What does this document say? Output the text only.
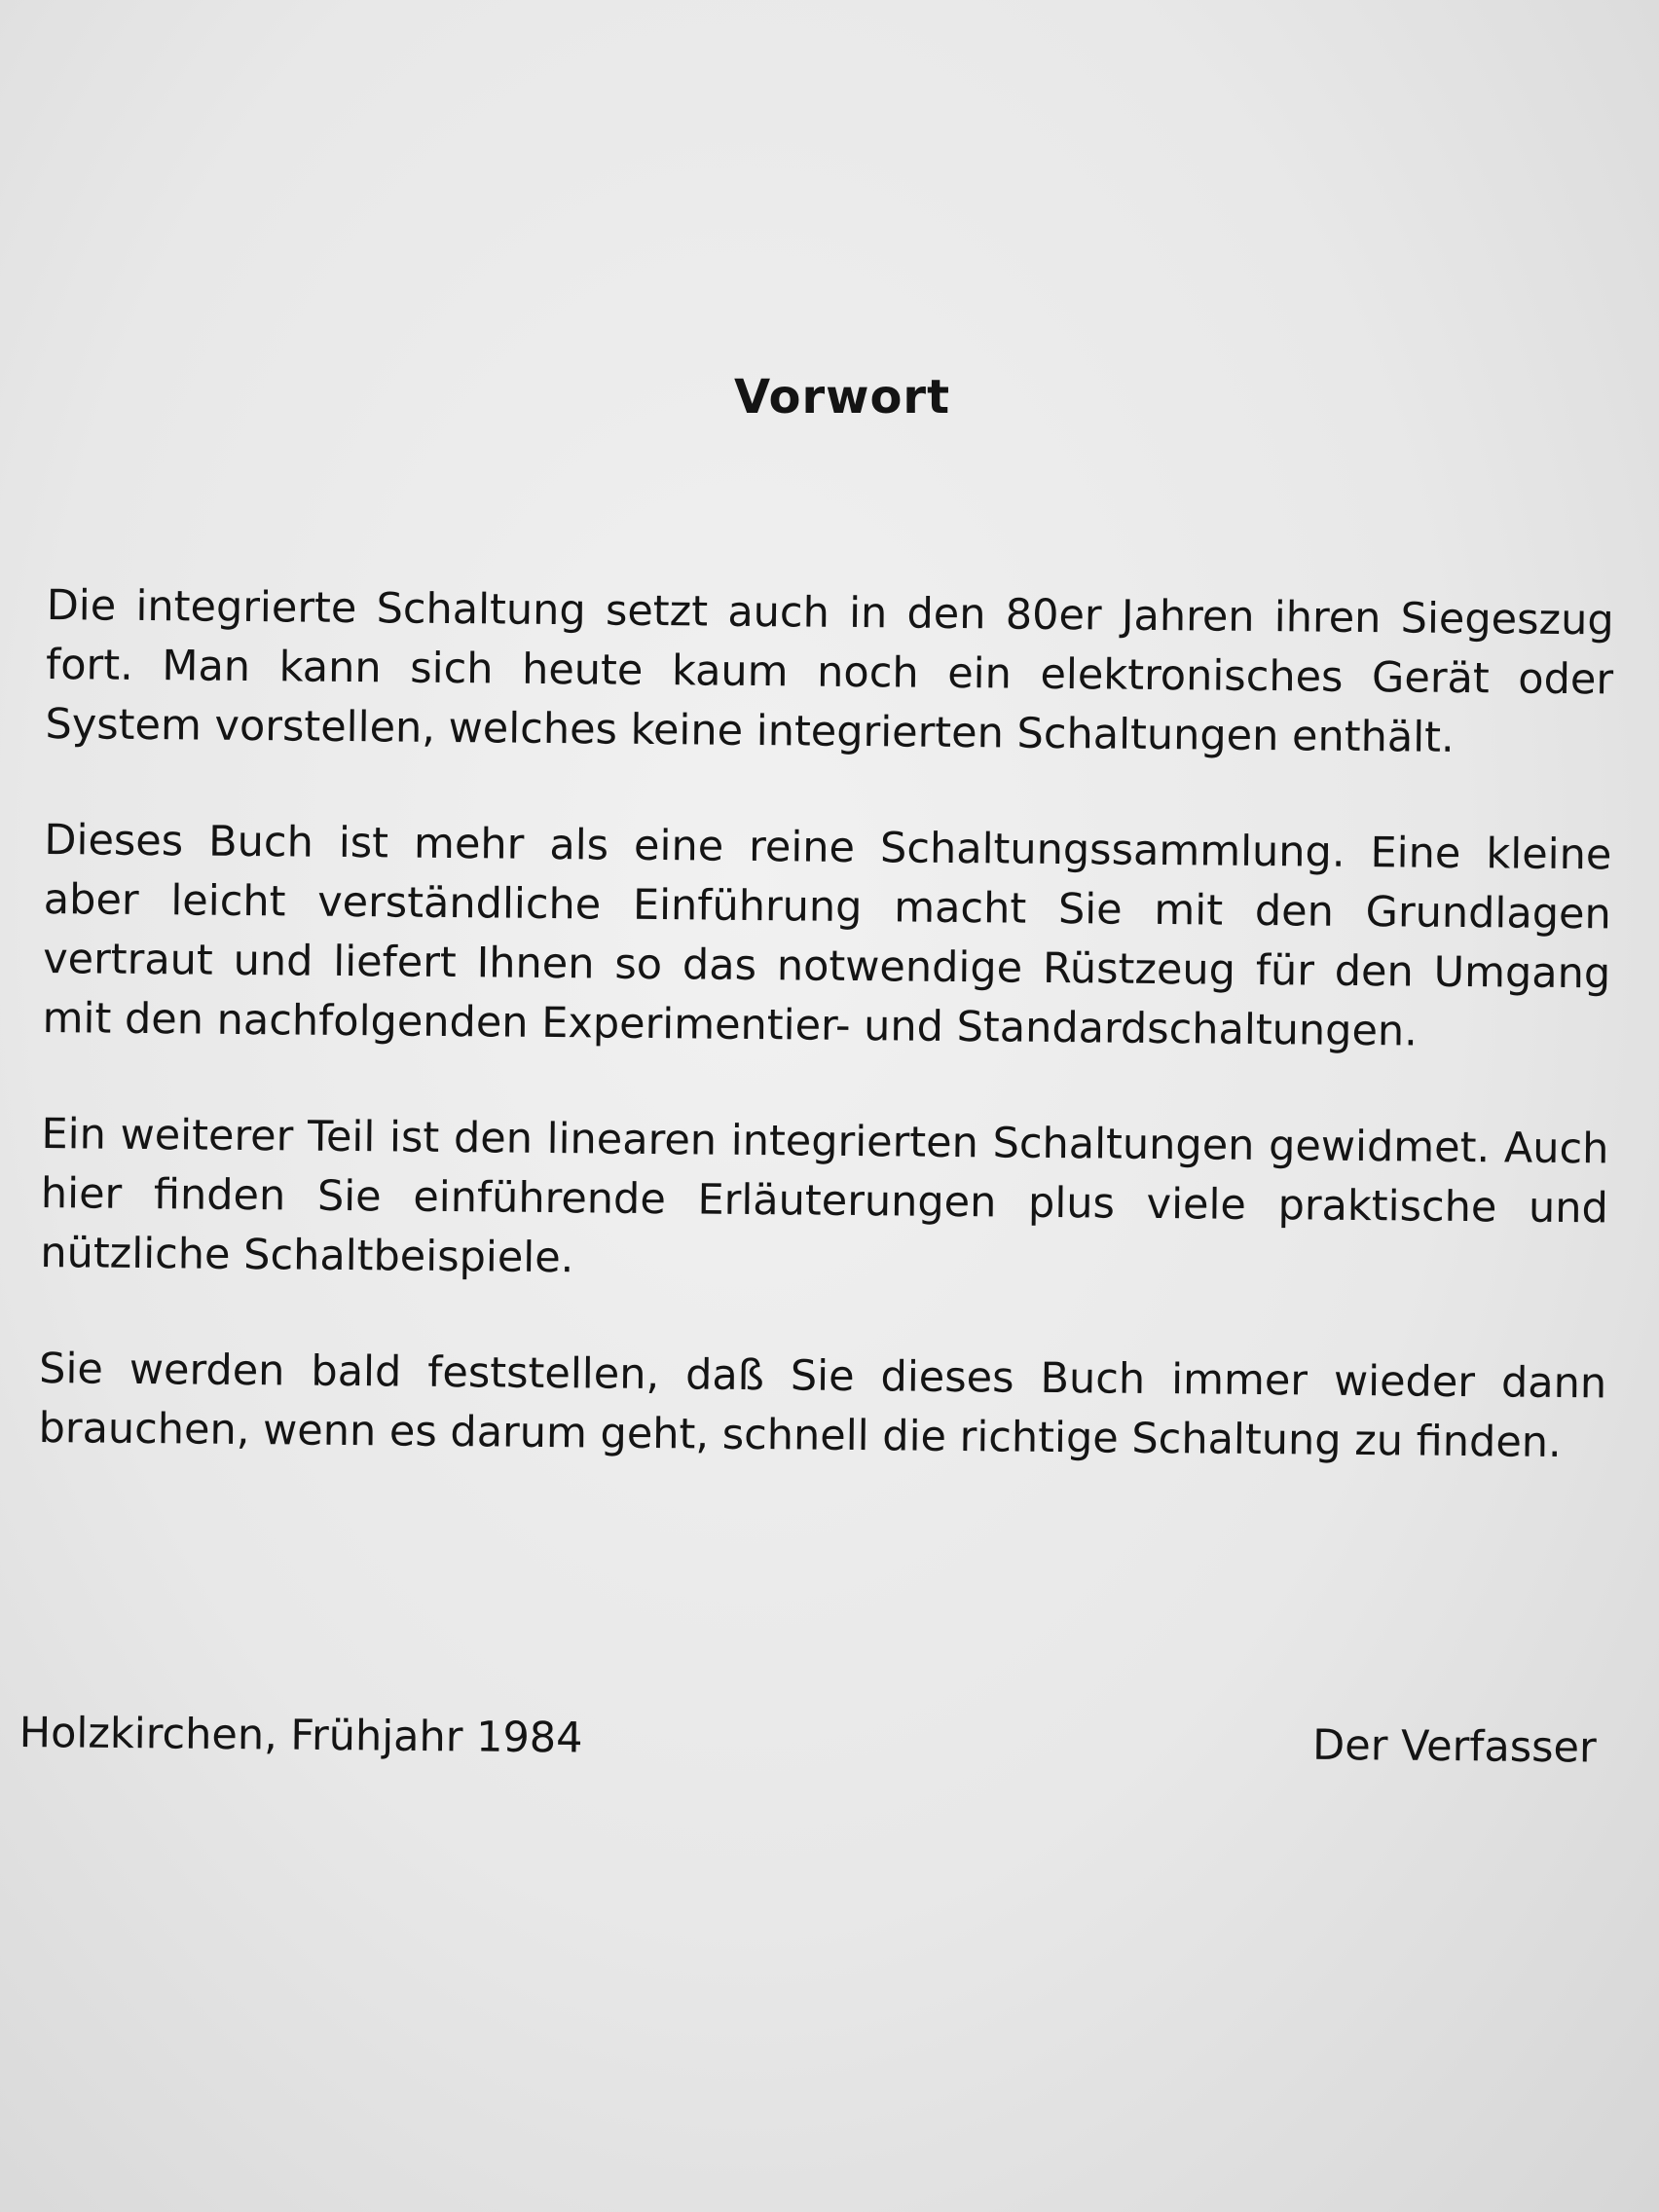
Vorwort

Die integrierte Schaltung setzt auch in den 80er Jahren ihren Siegeszug fort. Man kann sich heute kaum noch ein elektronisches Gerät oder System vorstellen, welches keine integrierten Schaltungen enthält.

Dieses Buch ist mehr als eine reine Schaltungssammlung. Eine kleine aber leicht verständliche Einführung macht Sie mit den Grundlagen vertraut und liefert Ihnen so das notwendige Rüstzeug für den Umgang mit den nachfolgenden Experimentier- und Standardschaltungen.

Ein weiterer Teil ist den linearen integrierten Schaltungen gewidmet. Auch hier finden Sie einführende Erläuterungen plus viele praktische und nützliche Schaltbeispiele.

Sie werden bald feststellen, daß Sie dieses Buch immer wieder dann brauchen, wenn es darum geht, schnell die richtige Schaltung zu finden.

Holzkirchen, Frühjahr 1984	Der Verfasser
